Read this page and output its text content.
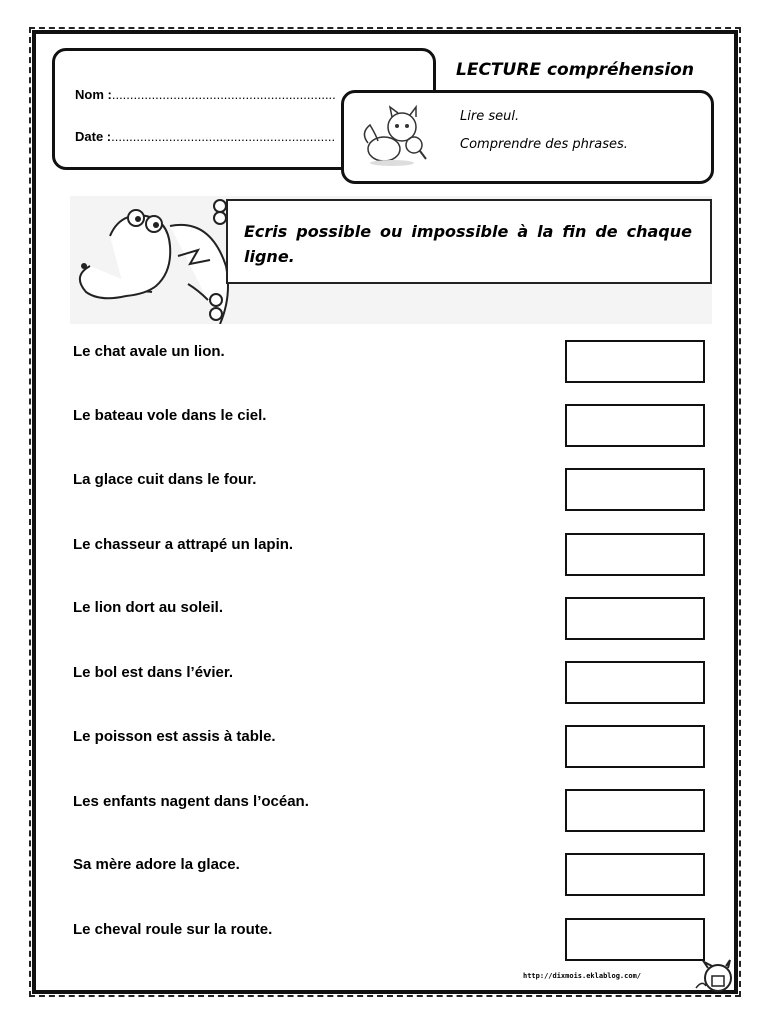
Nom :..............................................................
Date :..............................................................
LECTURE compréhension
Lire seul.
Comprendre des phrases.
Ecris possible ou impossible à la fin de chaque ligne.
Le chat avale un lion.
Le bateau vole dans le ciel.
La glace cuit dans le four.
Le chasseur a attrapé un lapin.
Le lion dort au soleil.
Le bol est dans l’évier.
Le poisson est assis à table.
Les enfants nagent dans l’océan.
Sa mère adore la glace.
Le cheval roule sur la route.
http://dixmois.eklablog.com/
